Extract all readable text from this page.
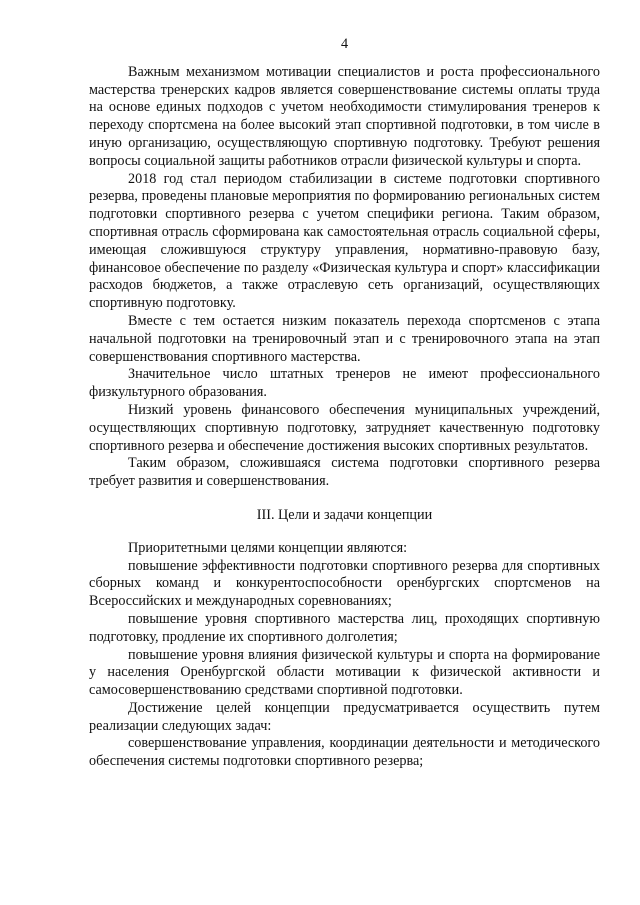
4

Важным механизмом мотивации специалистов и роста профессионального мастерства тренерских кадров является совершенствование системы оплаты труда на основе единых подходов с учетом необходимости стимулирования тренеров к переходу спортсмена на более высокий этап спортивной подготовки, в том числе в иную организацию, осуществляющую спортивную подготовку. Требуют решения вопросы социальной защиты работников отрасли физической культуры и спорта.

2018 год стал периодом стабилизации в системе подготовки спортивного резерва, проведены плановые мероприятия по формированию региональных систем подготовки спортивного резерва с учетом специфики региона. Таким образом, спортивная отрасль сформирована как самостоятельная отрасль социальной сферы, имеющая сложившуюся структуру управления, нормативно-правовую базу, финансовое обеспечение по разделу «Физическая культура и спорт» классификации расходов бюджетов, а также отраслевую сеть организаций, осуществляющих спортивную подготовку.

Вместе с тем остается низким показатель перехода спортсменов с этапа начальной подготовки на тренировочный этап и с тренировочного этапа на этап совершенствования спортивного мастерства.

Значительное число штатных тренеров не имеют профессионального физкультурного образования.

Низкий уровень финансового обеспечения муниципальных учреждений, осуществляющих спортивную подготовку, затрудняет качественную подготовку спортивного резерва и обеспечение достижения высоких спортивных результатов.

Таким образом, сложившаяся система подготовки спортивного резерва требует развития и совершенствования.

III. Цели и задачи концепции

Приоритетными целями концепции являются:

повышение эффективности подготовки спортивного резерва для спортивных сборных команд и конкурентоспособности оренбургских спортсменов на Всероссийских и международных соревнованиях;

повышение уровня спортивного мастерства лиц, проходящих спортивную подготовку, продление их спортивного долголетия;

повышение уровня влияния физической культуры и спорта на формирование у населения Оренбургской области мотивации к физической активности и самосовершенствованию средствами спортивной подготовки.

Достижение целей концепции предусматривается осуществить путем реализации следующих задач:

совершенствование управления, координации деятельности и методического обеспечения системы подготовки спортивного резерва;
